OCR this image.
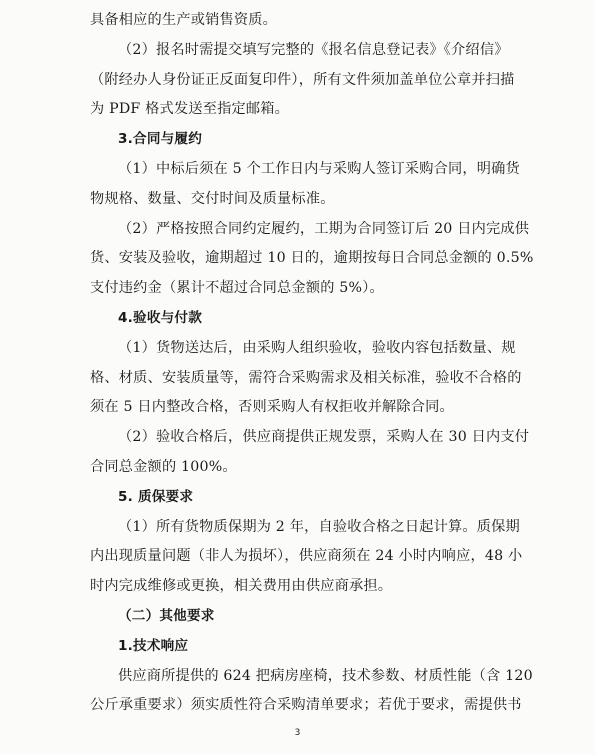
具备相应的生产或销售资质。
（2）报名时需提交填写完整的《报名信息登记表》《介绍信》
（附经办人身份证正反面复印件），所有文件须加盖单位公章并扫描
为 PDF 格式发送至指定邮箱。
3.合同与履约
（1）中标后须在 5 个工作日内与采购人签订采购合同，明确货
物规格、数量、交付时间及质量标准。
（2）严格按照合同约定履约，工期为合同签订后 20 日内完成供
货、安装及验收，逾期超过 10 日的，逾期按每日合同总金额的 0.5%
支付违约金（累计不超过合同总金额的 5%）。
4.验收与付款
（1）货物送达后，由采购人组织验收，验收内容包括数量、规
格、材质、安装质量等，需符合采购需求及相关标准，验收不合格的
须在 5 日内整改合格，否则采购人有权拒收并解除合同。
（2）验收合格后，供应商提供正规发票，采购人在 30 日内支付
合同总金额的 100%。
5. 质保要求
（1）所有货物质保期为 2 年，自验收合格之日起计算。质保期
内出现质量问题（非人为损坏），供应商须在 24 小时内响应，48 小
时内完成维修或更换，相关费用由供应商承担。
（二）其他要求
1.技术响应
供应商所提供的 624 把病房座椅，技术参数、材质性能（含 120
公斤承重要求）须实质性符合采购清单要求；若优于要求，需提供书
3
